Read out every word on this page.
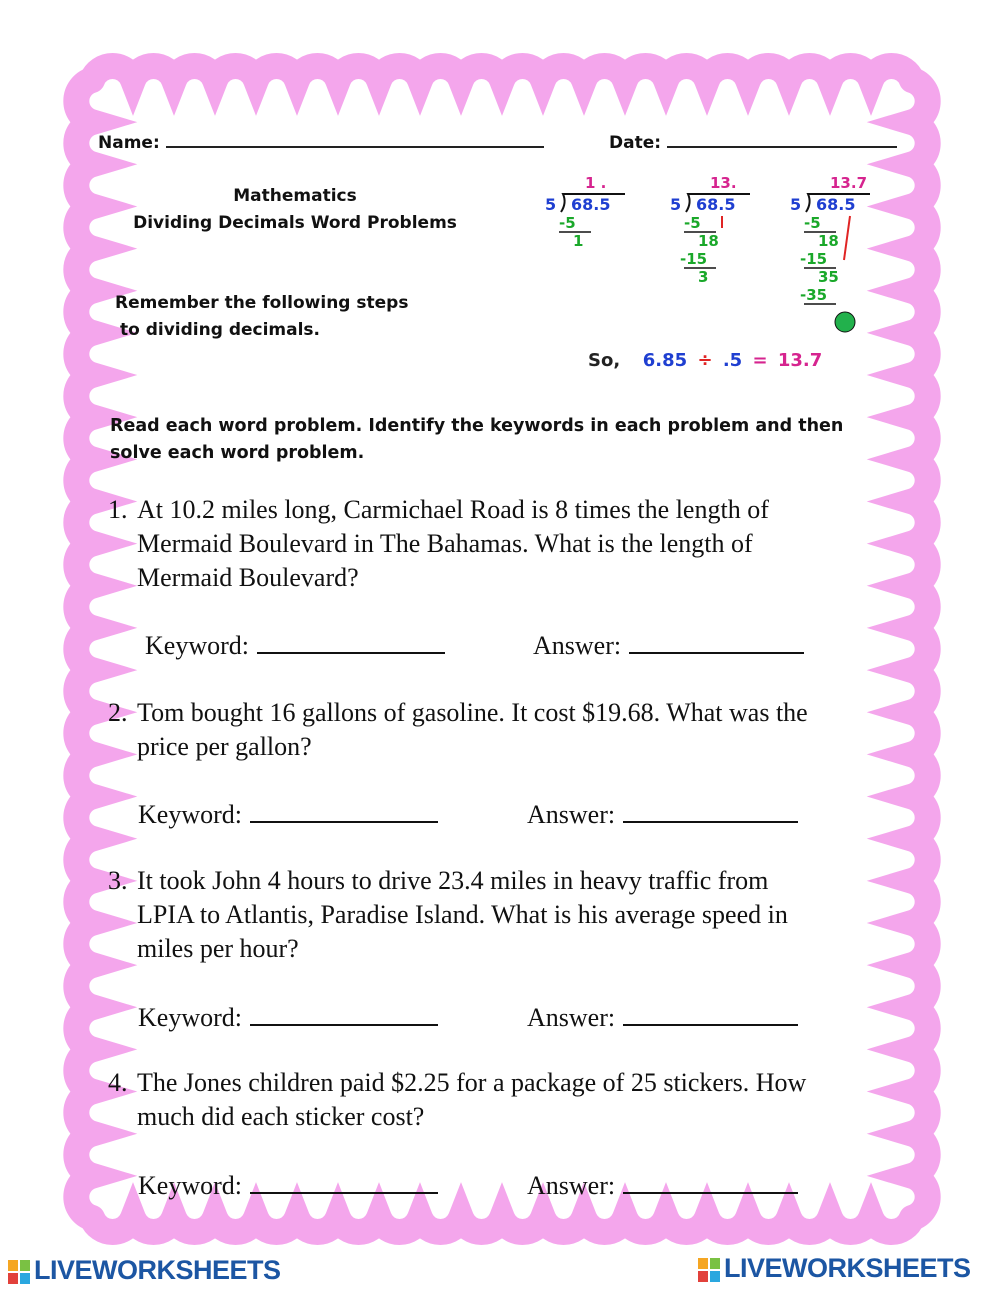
Name:	Date:
Mathematics
Dividing Decimals Word Problems
Remember the following steps
to dividing decimals.
1 .
5 68.5
-5
1
13.
5 68.5
-5
18
-15
3
13.7
5 68.5
-5
18
-15
35
-35
So, 6.85 ÷ .5 = 13.7
Read each word problem. Identify the keywords in each problem and then
solve each word problem.
1. At 10.2 miles long, Carmichael Road is 8 times the length of
Mermaid Boulevard in The Bahamas. What is the length of
Mermaid Boulevard?
Keyword:	Answer:
2. Tom bought 16 gallons of gasoline. It cost $19.68. What was the
price per gallon?
Keyword:	Answer:
3. It took John 4 hours to drive 23.4 miles in heavy traffic from
LPIA to Atlantis, Paradise Island. What is his average speed in
miles per hour?
Keyword:	Answer:
4. The Jones children paid $2.25 for a package of 25 stickers. How
much did each sticker cost?
Keyword:	Answer:
LIVEWORKSHEETS	LIVEWORKSHEETS
